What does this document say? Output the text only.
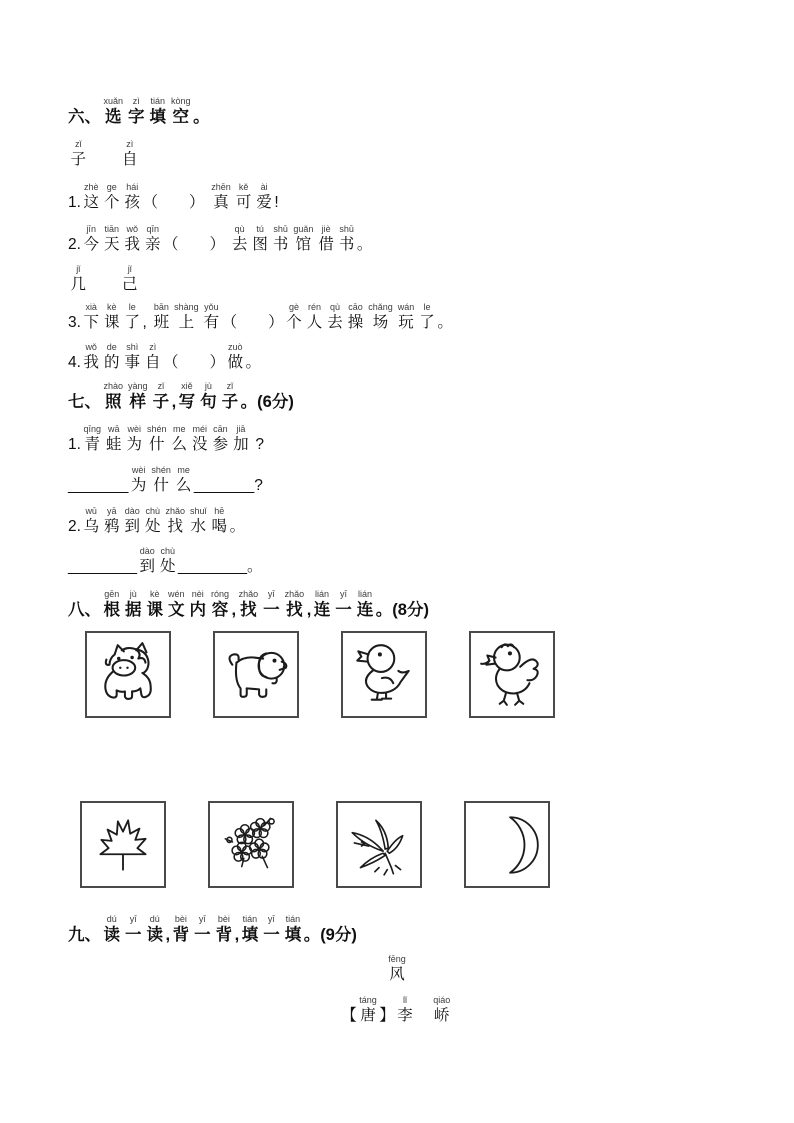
六、
xuǎn
选
zì
字
tián
填
kòng
空 。
zǐ
子

zì
自
1.
zhè
这
ge
个
hái
孩 （　　）
zhēn
真
kě
可
ài
爱 !
2.
jīn
今
tiān
天
wǒ
我
qīn
亲 （　　）
qù
去
tú
图
shū
书
guǎn
馆
jiè
借
shū
书 。
jǐ
几

jǐ
己
3.
xià
下
kè
课
le
了 ,
bān
班
shàng
上
yǒu
有 （　　）
gè
个
rén
人
qù
去
cāo
操
chǎng
场
wán
玩
le
了 。
4.
wǒ
我
de
的
shì
事
zì
自 （　　）
zuò
做 。
七、
zhào
照
yàng
样
zǐ
子 ,
xiě
写
jù
句
zǐ
子 。(6分)
1.
qīng
青
wā
蛙
wèi
为
shén
什
me
么
méi
没
cān
参
jiā
加 ?
_______
wèi
为
shén
什
me
么 _______?
2.
wū
乌
yā
鸦
dào
到
chù
处
zhǎo
找
shuǐ
水
hē
喝 。
________
dào
到
chù
处 ________。
八、
gēn
根
jù
据
kè
课
wén
文
nèi
内
róng
容 ,
zhǎo
找
yī
一
zhǎo
找 ,
lián
连
yī
一
lián
连 。(8分)
九、
dú
读
yī
一
dú
读 ,
bèi
背
yī
一
bèi
背 ,
tián
填
yī
一
tián
填 。(9分)
fēng
风
【
táng
唐 】
lǐ
李

qiáo
峤
